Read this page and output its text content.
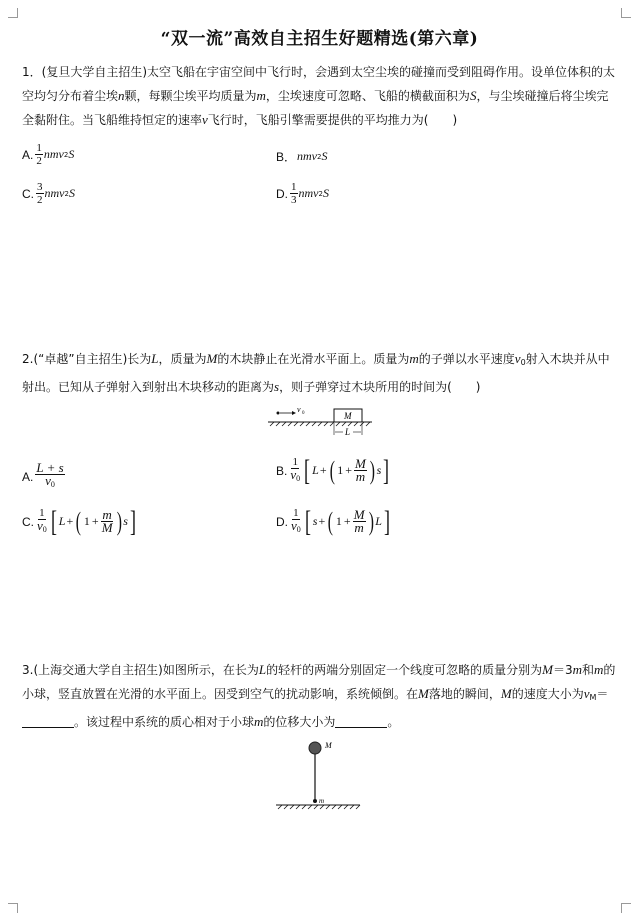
“双一流”高效自主招生好题精选(第六章)
1．(复旦大学自主招生)太空飞船在宇宙空间中飞行时，会遇到太空尘埃的碰撞而受到阻碍作用。设单位体积的太空均匀分布着尘埃n颗，每颗尘埃平均质量为m，尘埃速度可忽略、飞船的横截面积为S，与尘埃碰撞后将尘埃完全黏附住。当飞船维持恒定的速率v飞行时，飞船引擎需要提供的平均推力为(　　)
A. $\frac{1}{2}$ nmv 2 S	B． nmv 2 S
C. $\frac{3}{2}$ nmv 2 S	D. $\frac{1}{3}$ nmv 2 S
2.(“卓越”自主招生)长为L，质量为M的木块静止在光滑水平面上。质量为m的子弹以水平速度$v_0$射入木块并从中射出。已知从子弹射入到射出木块移动的距离为s，则子弹穿过木块所用的时间为(　　)
v 0	M
L
A. $\frac{L + s}{v_0}$	B. $\frac{1}{v_0}$ [ L + ( $1 + \frac{M}{m}$ ) s ]
C. $\frac{1}{v_0}$ [ L + ( $1 + \frac{m}{M}$ ) s ]	D. $\frac{1}{v_0}$ [ s + ( $1 + \frac{M}{m}$ ) L ]
3.(上海交通大学自主招生)如图所示，在长为L的轻杆的两端分别固定一个线度可忽略的质量分别为M＝3m和m的小球，竖直放置在光滑的水平面上。因受到空气的扰动影响，系统倾倒。在M落地的瞬间，M的速度大小为$v_M=$。该过程中系统的质心相对于小球m的位移大小为	。
M
m
